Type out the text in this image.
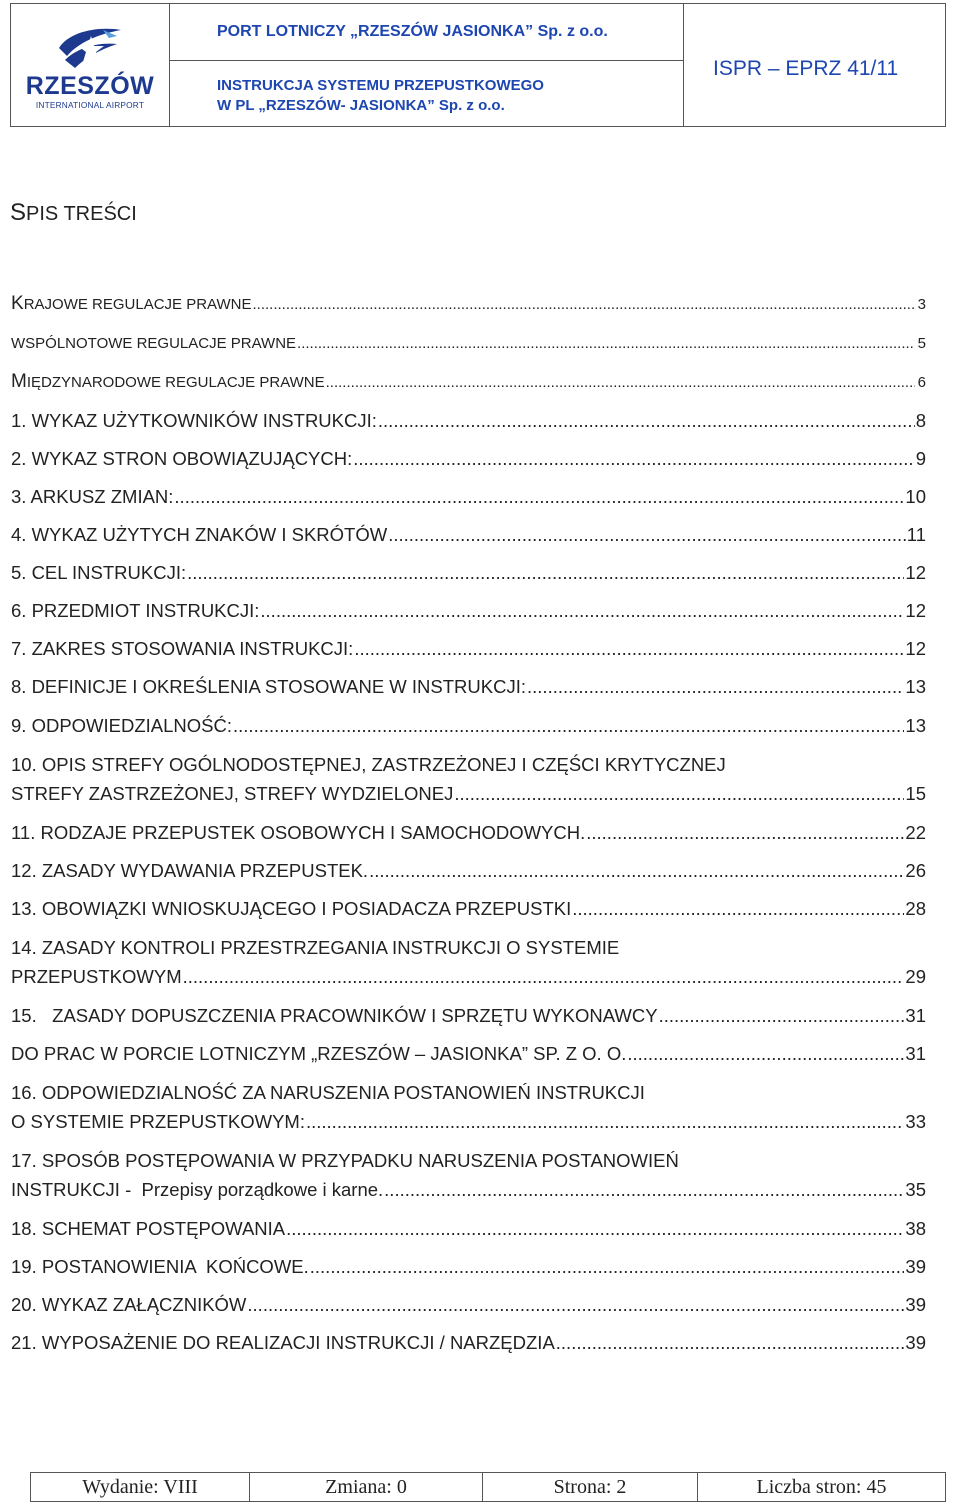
RZESZÓW
INTERNATIONAL AIRPORT
PORT LOTNICZY „RZESZÓW JASIONKA” Sp. z o.o.
INSTRUKCJA SYSTEMU PRZEPUSTKOWEGO
W PL „RZESZÓW- JASIONKA” Sp. z o.o.
ISPR – EPRZ 41/11
SPIS TREŚCI
KRAJOWE REGULACJE PRAWNE .....	3
WSPÓLNOTOWE REGULACJE PRAWNE .....	5
MIĘDZYNARODOWE REGULACJE PRAWNE .....	6
1. WYKAZ UŻYTKOWNIKÓW INSTRUKCJI: .....	8
2. WYKAZ STRON OBOWIĄZUJĄCYCH: .....	9
3. ARKUSZ ZMIAN: .....	10
4. WYKAZ UŻYTYCH ZNAKÓW I SKRÓTÓW .....	11
5. CEL INSTRUKCJI: .....	12
6. PRZEDMIOT INSTRUKCJI: .....	12
7. ZAKRES STOSOWANIA INSTRUKCJI: .....	12
8. DEFINICJE I OKREŚLENIA STOSOWANE W INSTRUKCJI: .....	13
9. ODPOWIEDZIALNOŚĆ: .....	13
10. OPIS STREFY OGÓLNODOSTĘPNEJ, ZASTRZEŻONEJ I CZĘŚCI KRYTYCZNEJ
STREFY ZASTRZEŻONEJ, STREFY WYDZIELONEJ .....	15
11. RODZAJE PRZEPUSTEK OSOBOWYCH I SAMOCHODOWYCH. .....	22
12. ZASADY WYDAWANIA PRZEPUSTEK. .....	26
13. OBOWIĄZKI WNIOSKUJĄCEGO I POSIADACZA PRZEPUSTKI .....	28
14. ZASADY KONTROLI PRZESTRZEGANIA INSTRUKCJI O SYSTEMIE
PRZEPUSTKOWYM .....	29
15.   ZASADY DOPUSZCZENIA PRACOWNIKÓW I SPRZĘTU WYKONAWCY .....	31
DO PRAC W PORCIE LOTNICZYM „RZESZÓW – JASIONKA” SP. Z O. O. .....	31
16. ODPOWIEDZIALNOŚĆ ZA NARUSZENIA POSTANOWIEŃ INSTRUKCJI
O SYSTEMIE PRZEPUSTKOWYM: .....	33
17. SPOSÓB POSTĘPOWANIA W PRZYPADKU NARUSZENIA POSTANOWIEŃ
INSTRUKCJI -  Przepisy porządkowe i karne. .....	35
18. SCHEMAT POSTĘPOWANIA .....	38
19. POSTANOWIENIA  KOŃCOWE. .....	39
20. WYKAZ ZAŁĄCZNIKÓW .....	39
21. WYPOSAŻENIE DO REALIZACJI INSTRUKCJI / NARZĘDZIA .....	39
Wydanie: VIII	Zmiana: 0	Strona: 2	Liczba stron: 45
